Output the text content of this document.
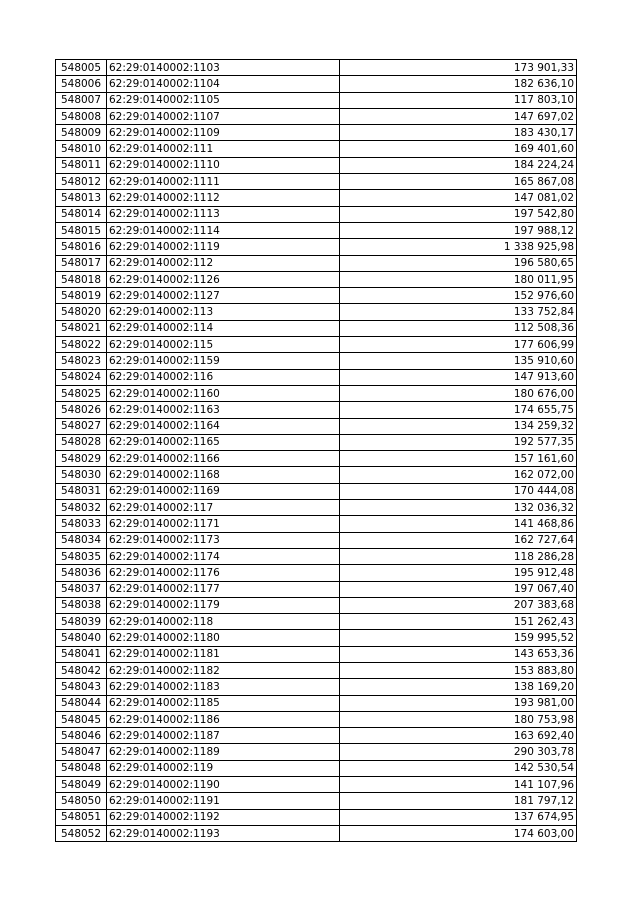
548005	62:29:0140002:1103	173 901,33
548006	62:29:0140002:1104	182 636,10
548007	62:29:0140002:1105	117 803,10
548008	62:29:0140002:1107	147 697,02
548009	62:29:0140002:1109	183 430,17
548010	62:29:0140002:111	169 401,60
548011	62:29:0140002:1110	184 224,24
548012	62:29:0140002:1111	165 867,08
548013	62:29:0140002:1112	147 081,02
548014	62:29:0140002:1113	197 542,80
548015	62:29:0140002:1114	197 988,12
548016	62:29:0140002:1119	1 338 925,98
548017	62:29:0140002:112	196 580,65
548018	62:29:0140002:1126	180 011,95
548019	62:29:0140002:1127	152 976,60
548020	62:29:0140002:113	133 752,84
548021	62:29:0140002:114	112 508,36
548022	62:29:0140002:115	177 606,99
548023	62:29:0140002:1159	135 910,60
548024	62:29:0140002:116	147 913,60
548025	62:29:0140002:1160	180 676,00
548026	62:29:0140002:1163	174 655,75
548027	62:29:0140002:1164	134 259,32
548028	62:29:0140002:1165	192 577,35
548029	62:29:0140002:1166	157 161,60
548030	62:29:0140002:1168	162 072,00
548031	62:29:0140002:1169	170 444,08
548032	62:29:0140002:117	132 036,32
548033	62:29:0140002:1171	141 468,86
548034	62:29:0140002:1173	162 727,64
548035	62:29:0140002:1174	118 286,28
548036	62:29:0140002:1176	195 912,48
548037	62:29:0140002:1177	197 067,40
548038	62:29:0140002:1179	207 383,68
548039	62:29:0140002:118	151 262,43
548040	62:29:0140002:1180	159 995,52
548041	62:29:0140002:1181	143 653,36
548042	62:29:0140002:1182	153 883,80
548043	62:29:0140002:1183	138 169,20
548044	62:29:0140002:1185	193 981,00
548045	62:29:0140002:1186	180 753,98
548046	62:29:0140002:1187	163 692,40
548047	62:29:0140002:1189	290 303,78
548048	62:29:0140002:119	142 530,54
548049	62:29:0140002:1190	141 107,96
548050	62:29:0140002:1191	181 797,12
548051	62:29:0140002:1192	137 674,95
548052	62:29:0140002:1193	174 603,00
